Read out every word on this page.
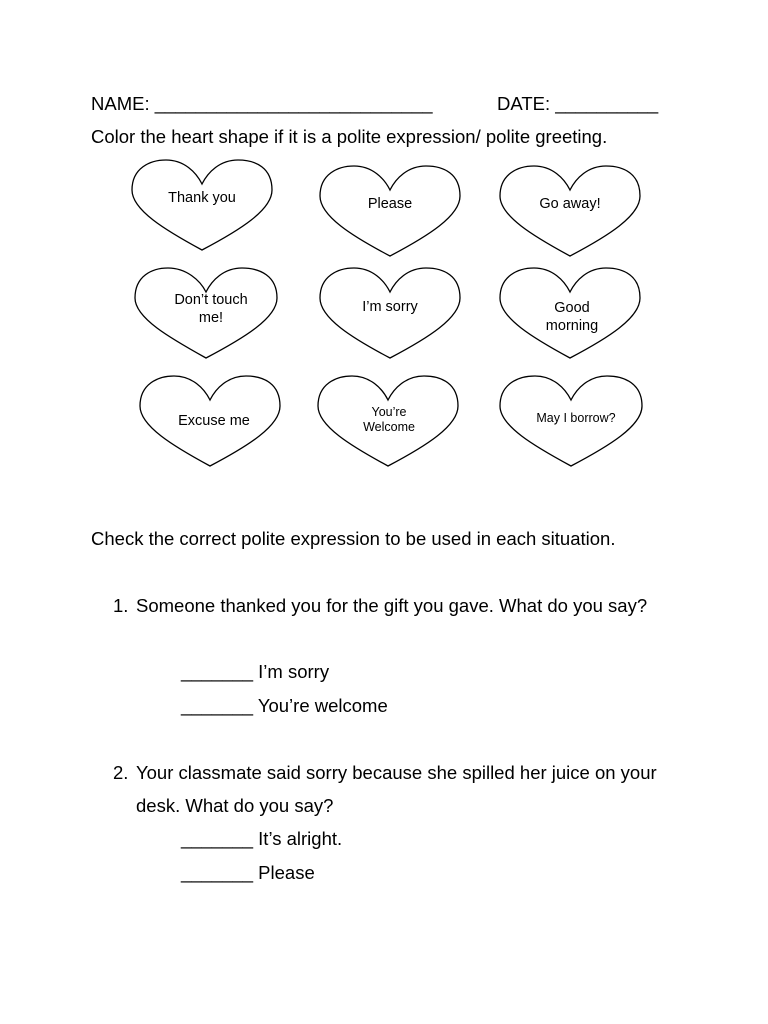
NAME: ___________________________	DATE: __________
Color the heart shape if it is a polite expression/ polite greeting.
Thank you	Please	Go away!
Don’t touch me!
I’m sorry	Good morning
Excuse me
You’re Welcome
May I borrow?
Check the correct polite expression to be used in each situation.
1. Someone thanked you for the gift you gave. What do you say?
_______ I’m sorry
_______ You’re welcome
2. Your classmate said sorry because she spilled her juice on your
desk. What do you say?
_______ It’s alright.
_______ Please
